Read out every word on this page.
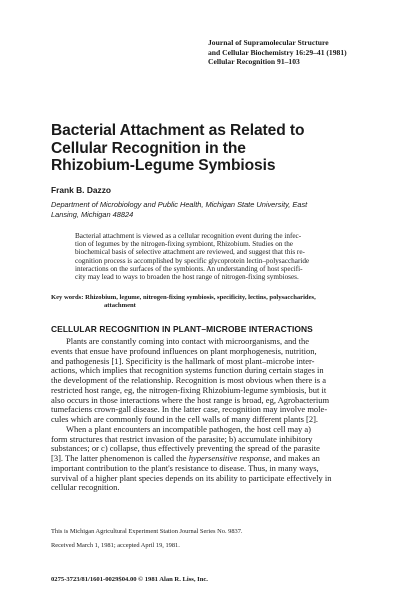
Journal of Supramolecular Structure
and Cellular Biochemistry 16:29–41 (1981)
Cellular Recognition 91–103
Bacterial Attachment as Related to
Cellular Recognition in the
Rhizobium-Legume Symbiosis
Frank B. Dazzo
Department of Microbiology and Public Health, Michigan State University, East
Lansing, Michigan 48824
Bacterial attachment is viewed as a cellular recognition event during the infec-
tion of legumes by the nitrogen-fixing symbiont, Rhizobium. Studies on the
biochemical basis of selective attachment are reviewed, and suggest that this re-
cognition process is accomplished by specific glycoprotein lectin–polysaccharide
interactions on the surfaces of the symbionts. An understanding of host specifi-
city may lead to ways to broaden the host range of nitrogen-fixing symbioses.
Key words: Rhizobium, legume, nitrogen-fixing symbiosis, specificity, lectins, polysaccharides,
attachment
CELLULAR RECOGNITION IN PLANT–MICROBE INTERACTIONS
Plants are constantly coming into contact with microorganisms, and the
events that ensue have profound influences on plant morphogenesis, nutrition,
and pathogenesis [1]. Specificity is the hallmark of most plant–microbe inter-
actions, which implies that recognition systems function during certain stages in
the development of the relationship. Recognition is most obvious when there is a
restricted host range, eg, the nitrogen-fixing Rhizobium-legume symbiosis, but it
also occurs in those interactions where the host range is broad, eg, Agrobacterium
tumefaciens crown-gall disease. In the latter case, recognition may involve mole-
cules which are commonly found in the cell walls of many different plants [2].
When a plant encounters an incompatible pathogen, the host cell may a)
form structures that restrict invasion of the parasite; b) accumulate inhibitory
substances; or c) collapse, thus effectively preventing the spread of the parasite
[3]. The latter phenomenon is called the hypersensitive response, and makes an
important contribution to the plant's resistance to disease. Thus, in many ways,
survival of a higher plant species depends on its ability to participate effectively in
cellular recognition.
This is Michigan Agricultural Experiment Station Journal Series No. 9837.
Received March 1, 1981; accepted April 19, 1981.
0275-3723/81/1601-0029$04.00 © 1981 Alan R. Liss, Inc.
